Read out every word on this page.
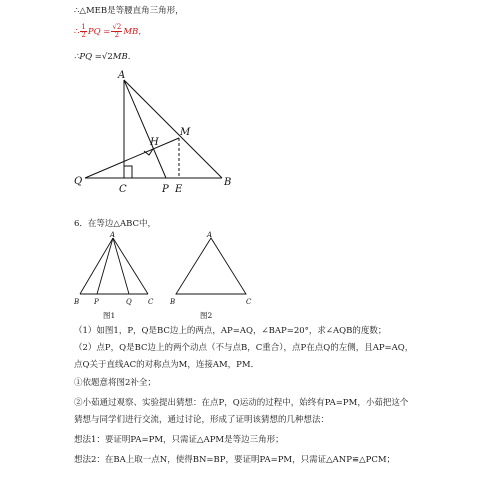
∴△MEB是等腰直角三角形，
∴ $\frac{1}{2}$ PQ = $\frac{√2}{2}$ MB，
∴PQ =√2MB.
A
H
M
Q
C	P E
B
6．在等边△ABC中，
A
B P	Q C
图1
A
B	C
图2
（1）如图1，P，Q是BC边上的两点，AP=AQ，∠BAP=20°，求∠AQB的度数；
（2）点P，Q是BC边上的两个动点（不与点B，C重合），点P在点Q的左侧，且AP=AQ，
点Q关于直线AC的对称点为M，连接AM，PM．
①依题意将图2补全；
②小茹通过观察、实验提出猜想：在点P，Q运动的过程中，始终有PA=PM，小茹把这个
猜想与同学们进行交流，通过讨论，形成了证明该猜想的几种想法：
想法1：要证明PA=PM，只需证△APM是等边三角形；
想法2：在BA上取一点N，使得BN=BP，要证明PA=PM，只需证△ANP≌△PCM；
